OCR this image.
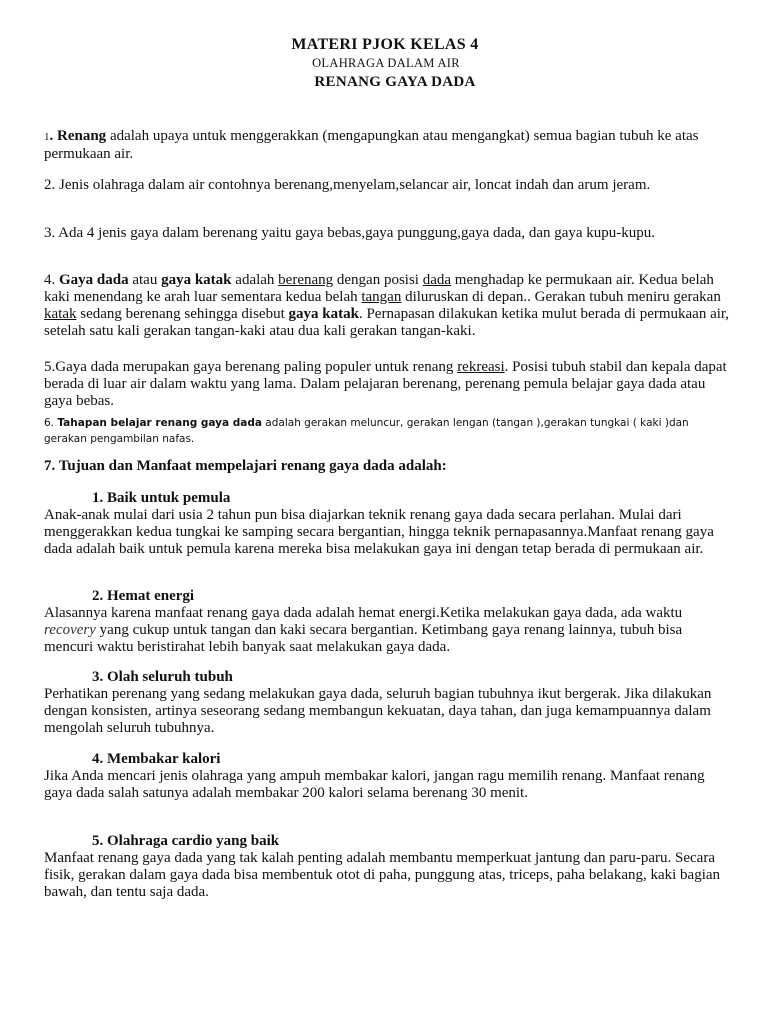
MATERI PJOK KELAS 4
OLAHRAGA DALAM AIR
RENANG GAYA DADA

1. Renang adalah upaya untuk menggerakkan (mengapungkan atau mengangkat) semua bagian tubuh ke atas permukaan air.

2. Jenis olahraga dalam air contohnya berenang,menyelam,selancar air, loncat indah dan arum jeram.

3. Ada 4 jenis gaya dalam berenang yaitu gaya bebas,gaya punggung,gaya dada, dan gaya kupu-kupu.

4. Gaya dada atau gaya katak adalah berenang dengan posisi dada menghadap ke permukaan air. Kedua belah kaki menendang ke arah luar sementara kedua belah tangan diluruskan di depan.. Gerakan tubuh meniru gerakan katak sedang berenang sehingga disebut gaya katak. Pernapasan dilakukan ketika mulut berada di permukaan air, setelah satu kali gerakan tangan-kaki atau dua kali gerakan tangan-kaki.

5.Gaya dada merupakan gaya berenang paling populer untuk renang rekreasi. Posisi tubuh stabil dan kepala dapat berada di luar air dalam waktu yang lama. Dalam pelajaran berenang, perenang pemula belajar gaya dada atau gaya bebas.

6. Tahapan belajar renang gaya dada adalah gerakan meluncur, gerakan lengan (tangan ),gerakan tungkai ( kaki )dan gerakan pengambilan nafas.

7. Tujuan dan Manfaat mempelajari renang gaya dada adalah:

1. Baik untuk pemula

Anak-anak mulai dari usia 2 tahun pun bisa diajarkan teknik renang gaya dada secara perlahan. Mulai dari menggerakkan kedua tungkai ke samping secara bergantian, hingga teknik pernapasannya.Manfaat renang gaya dada adalah baik untuk pemula karena mereka bisa melakukan gaya ini dengan tetap berada di permukaan air.

2. Hemat energi

Alasannya karena manfaat renang gaya dada adalah hemat energi.Ketika melakukan gaya dada, ada waktu recovery yang cukup untuk tangan dan kaki secara bergantian. Ketimbang gaya renang lainnya, tubuh bisa mencuri waktu beristirahat lebih banyak saat melakukan gaya dada.

3. Olah seluruh tubuh

Perhatikan perenang yang sedang melakukan gaya dada, seluruh bagian tubuhnya ikut bergerak. Jika dilakukan dengan konsisten, artinya seseorang sedang membangun kekuatan, daya tahan, dan juga kemampuannya dalam mengolah seluruh tubuhnya.

4. Membakar kalori

Jika Anda mencari jenis olahraga yang ampuh membakar kalori, jangan ragu memilih renang. Manfaat renang gaya dada salah satunya adalah membakar 200 kalori selama berenang 30 menit.

5. Olahraga cardio yang baik

Manfaat renang gaya dada yang tak kalah penting adalah membantu memperkuat jantung dan paru-paru. Secara fisik, gerakan dalam gaya dada bisa membentuk otot di paha, punggung atas, triceps, paha belakang, kaki bagian bawah, dan tentu saja dada.
